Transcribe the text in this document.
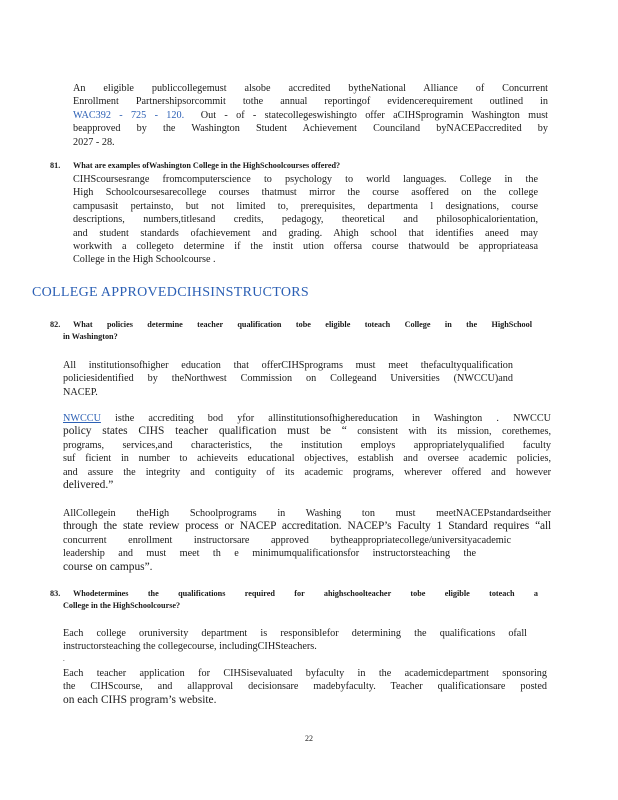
An eligible publiccollegemust alsobe accredited bytheNational Alliance of Concurrent
Enrollment Partnershipsorcommit tothe annual reportingof evidencerequirement outlined in
WAC392 - 725 - 120. Out - of - statecollegeswishingto offer aCIHSprogramin Washington must
beapproved by the Washington Student Achievement Counciland byNACEPaccredited by
2027 - 28.
81. What are examples ofWashington College in the HighSchoolcourses offered?
CIHScoursesrange fromcomputerscience to psychology to world languages. College in the
High Schoolcoursesarecollege courses thatmust mirror the course asoffered on the college
campusasit pertainsto, but not limited to, prerequisites, departmenta l designations, course
descriptions, numbers,titlesand credits, pedagogy, theoretical and philosophicalorientation,
and student standards ofachievement and grading. Ahigh school that identifies aneed may
workwith a collegeto determine if the instit ution offersa course thatwould be appropriateasa
College in the High Schoolcourse .
COLLEGE APPROVEDCIHSINSTRUCTORS
82. What policies determine teacher qualification tobe eligible toteach College in the HighSchool
in Washington?
All institutionsofhigher education that offerCIHSprograms must meet thefacultyqualification
policiesidentified by theNorthwest Commission on Collegeand Universities (NWCCU)and
NACEP.
NWCCU isthe accrediting bod yfor allinstitutionsofhighereducation in Washington . NWCCU
policy states CIHS teacher qualification must be “ consistent with its mission, corethemes,
programs, services,and characteristics, the institution employs appropriatelyqualified faculty
suf ficient in number to achieveits educational objectives, establish and oversee academic policies,
and assure the integrity and contiguity of its academic programs, wherever offered and however
delivered.”
AllCollegein theHigh Schoolprograms in Washing ton must meetNACEPstandardseither
through the state review process or NACEP accreditation. NACEP’s Faculty 1 Standard requires “all
concurrent enrollment instructorsare approved bytheappropriatecollege/universityacademic
leadership and must meet th e minimumqualificationsfor instructorsteaching the
course on campus”.
83. Whodetermines the qualifications required for ahighschoolteacher tobe eligible toteach a
College in the HighSchoolcourse?
Each college oruniversity department is responsiblefor determining the qualifications ofall
instructorsteaching the collegecourse, includingCIHSteachers.
.
Each teacher application for CIHSisevaluated byfaculty in the academicdepartment sponsoring
the CIHScourse, and allapproval decisionsare madebyfaculty. Teacher qualificationsare posted
on each CIHS program’s website.
22
